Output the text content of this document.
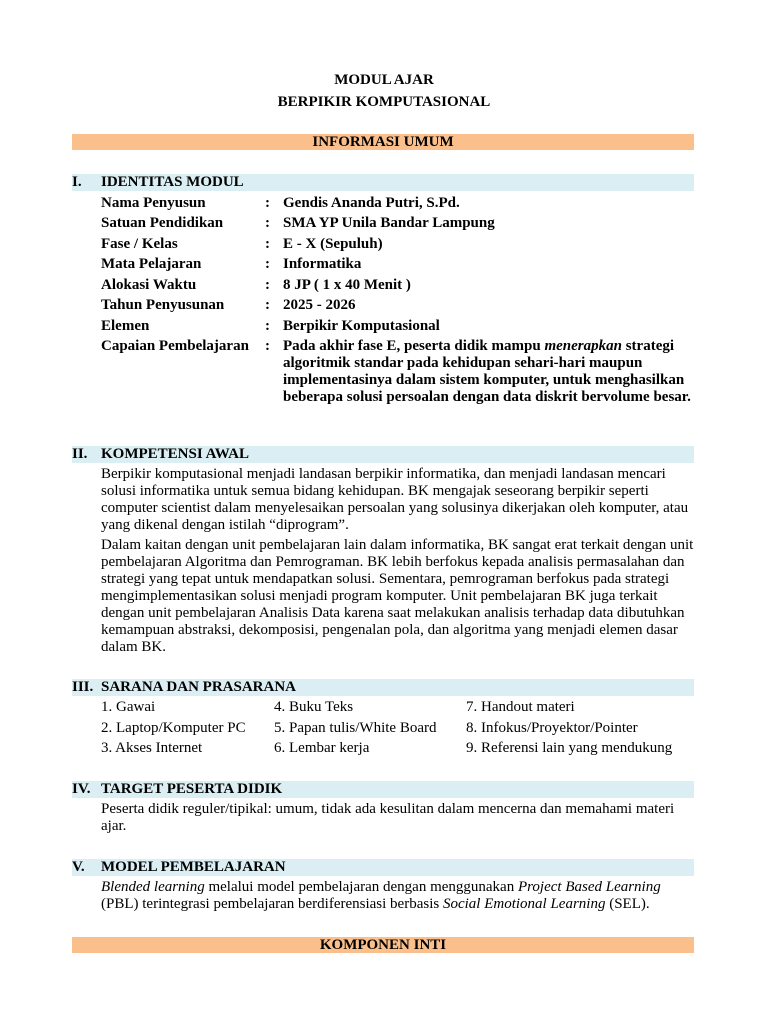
MODUL AJAR
BERPIKIR KOMPUTASIONAL
INFORMASI UMUM
I. IDENTITAS MODUL
Nama Penyusun	: Gendis Ananda Putri, S.Pd.
Satuan Pendidikan	: SMA YP Unila Bandar Lampung
Fase / Kelas	: E - X (Sepuluh)
Mata Pelajaran	: Informatika
Alokasi Waktu	: 8 JP ( 1 x 40 Menit )
Tahun Penyusunan	: 2025 - 2026
Elemen	: Berpikir Komputasional
Capaian Pembelajaran : Pada akhir fase E, peserta didik mampu menerapkan strategi algoritmik standar pada kehidupan sehari-hari maupun implementasinya dalam sistem komputer, untuk menghasilkan beberapa solusi persoalan dengan data diskrit bervolume besar.
II. KOMPETENSI AWAL
Berpikir komputasional menjadi landasan berpikir informatika, dan menjadi landasan mencari solusi informatika untuk semua bidang kehidupan. BK mengajak seseorang berpikir seperti computer scientist dalam menyelesaikan persoalan yang solusinya dikerjakan oleh komputer, atau yang dikenal dengan istilah “diprogram”.
Dalam kaitan dengan unit pembelajaran lain dalam informatika, BK sangat erat terkait dengan unit pembelajaran Algoritma dan Pemrograman. BK lebih berfokus kepada analisis permasalahan dan strategi yang tepat untuk mendapatkan solusi. Sementara, pemrograman berfokus pada strategi mengimplementasikan solusi menjadi program komputer. Unit pembelajaran BK juga terkait dengan unit pembelajaran Analisis Data karena saat melakukan analisis terhadap data dibutuhkan kemampuan abstraksi, dekomposisi, pengenalan pola, dan algoritma yang menjadi elemen dasar dalam BK.
III. SARANA DAN PRASARANA
1. Gawai	4. Buku Teks	7. Handout materi
2. Laptop/Komputer PC 5. Papan tulis/White Board 8. Infokus/Proyektor/Pointer
3. Akses Internet	6. Lembar kerja	9. Referensi lain yang mendukung
IV. TARGET PESERTA DIDIK
Peserta didik reguler/tipikal: umum, tidak ada kesulitan dalam mencerna dan memahami materi ajar.
V. MODEL PEMBELAJARAN
Blended learning melalui model pembelajaran dengan menggunakan Project Based Learning (PBL) terintegrasi pembelajaran berdiferensiasi berbasis Social Emotional Learning (SEL).
KOMPONEN INTI
